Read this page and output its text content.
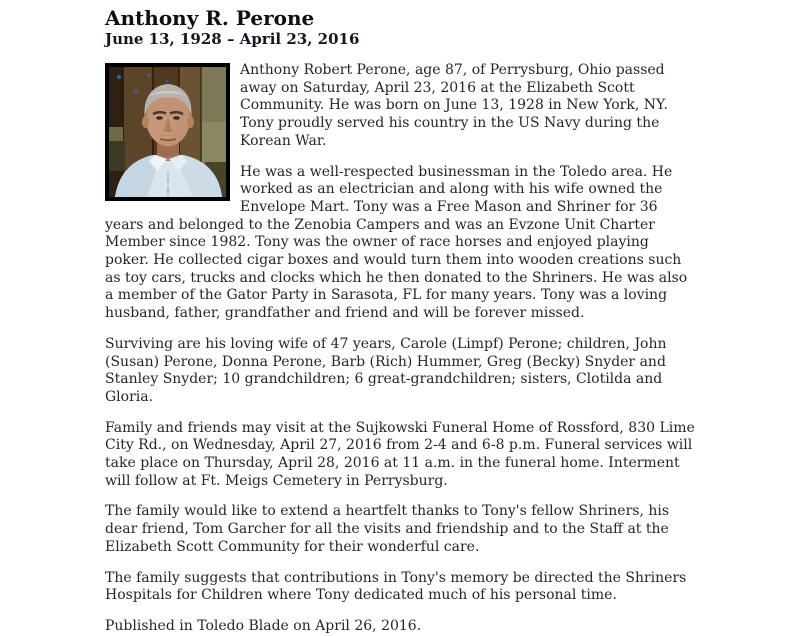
Anthony R. Perone
June 13, 1928 – April 23, 2016

Anthony Robert Perone, age 87, of Perrysburg, Ohio passed away on Saturday, April 23, 2016 at the Elizabeth Scott Community. He was born on June 13, 1928 in New York, NY. Tony proudly served his country in the US Navy during the Korean War.

He was a well-respected businessman in the Toledo area. He worked as an electrician and along with his wife owned the Envelope Mart. Tony was a Free Mason and Shriner for 36 years and belonged to the Zenobia Campers and was an Evzone Unit Charter Member since 1982. Tony was the owner of race horses and enjoyed playing poker. He collected cigar boxes and would turn them into wooden creations such as toy cars, trucks and clocks which he then donated to the Shriners. He was also a member of the Gator Party in Sarasota, FL for many years. Tony was a loving husband, father, grandfather and friend and will be forever missed.

Surviving are his loving wife of 47 years, Carole (Limpf) Perone; children, John (Susan) Perone, Donna Perone, Barb (Rich) Hummer, Greg (Becky) Snyder and Stanley Snyder; 10 grandchildren; 6 great-grandchildren; sisters, Clotilda and Gloria.

Family and friends may visit at the Sujkowski Funeral Home of Rossford, 830 Lime City Rd., on Wednesday, April 27, 2016 from 2-4 and 6-8 p.m. Funeral services will take place on Thursday, April 28, 2016 at 11 a.m. in the funeral home. Interment will follow at Ft. Meigs Cemetery in Perrysburg.

The family would like to extend a heartfelt thanks to Tony's fellow Shriners, his dear friend, Tom Garcher for all the visits and friendship and to the Staff at the Elizabeth Scott Community for their wonderful care.

The family suggests that contributions in Tony's memory be directed the Shriners Hospitals for Children where Tony dedicated much of his personal time.

Published in Toledo Blade on April 26, 2016.
